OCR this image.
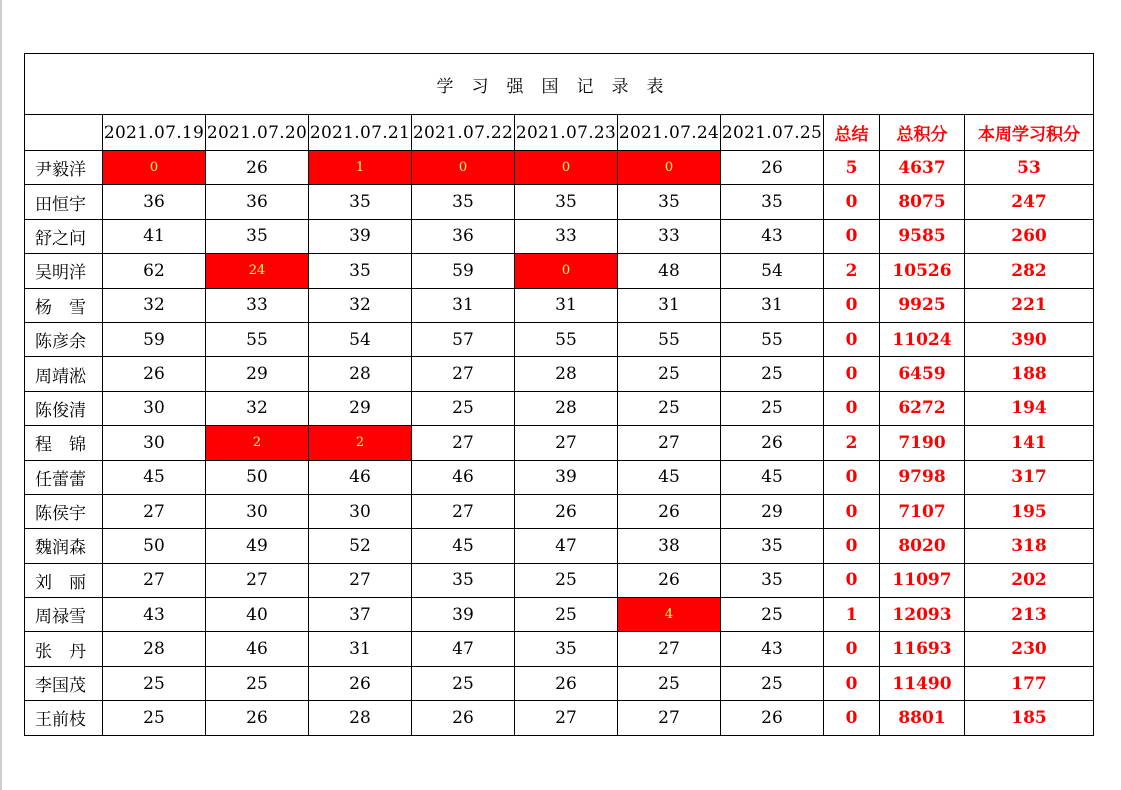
学习强国记录表										
	2021.07.19	2021.07.20	2021.07.21	2021.07.22	2021.07.23	2021.07.24	2021.07.25	总结	总积分	本周学习积分
尹毅洋	0	26	1	0	0	0	26	5	4637	53
田恒宇	36	36	35	35	35	35	35	0	8075	247
舒之问	41	35	39	36	33	33	43	0	9585	260
吴明洋	62	24	35	59	0	48	54	2	10526	282
杨　雪	32	33	32	31	31	31	31	0	9925	221
陈彦余	59	55	54	57	55	55	55	0	11024	390
周靖淞	26	29	28	27	28	25	25	0	6459	188
陈俊清	30	32	29	25	28	25	25	0	6272	194
程　锦	30	2	2	27	27	27	26	2	7190	141
任蕾蕾	45	50	46	46	39	45	45	0	9798	317
陈侯宇	27	30	30	27	26	26	29	0	7107	195
魏润森	50	49	52	45	47	38	35	0	8020	318
刘　丽	27	27	27	35	25	26	35	0	11097	202
周禄雪	43	40	37	39	25	4	25	1	12093	213
张　丹	28	46	31	47	35	27	43	0	11693	230
李国茂	25	25	26	25	26	25	25	0	11490	177
王前枝	25	26	28	26	27	27	26	0	8801	185
